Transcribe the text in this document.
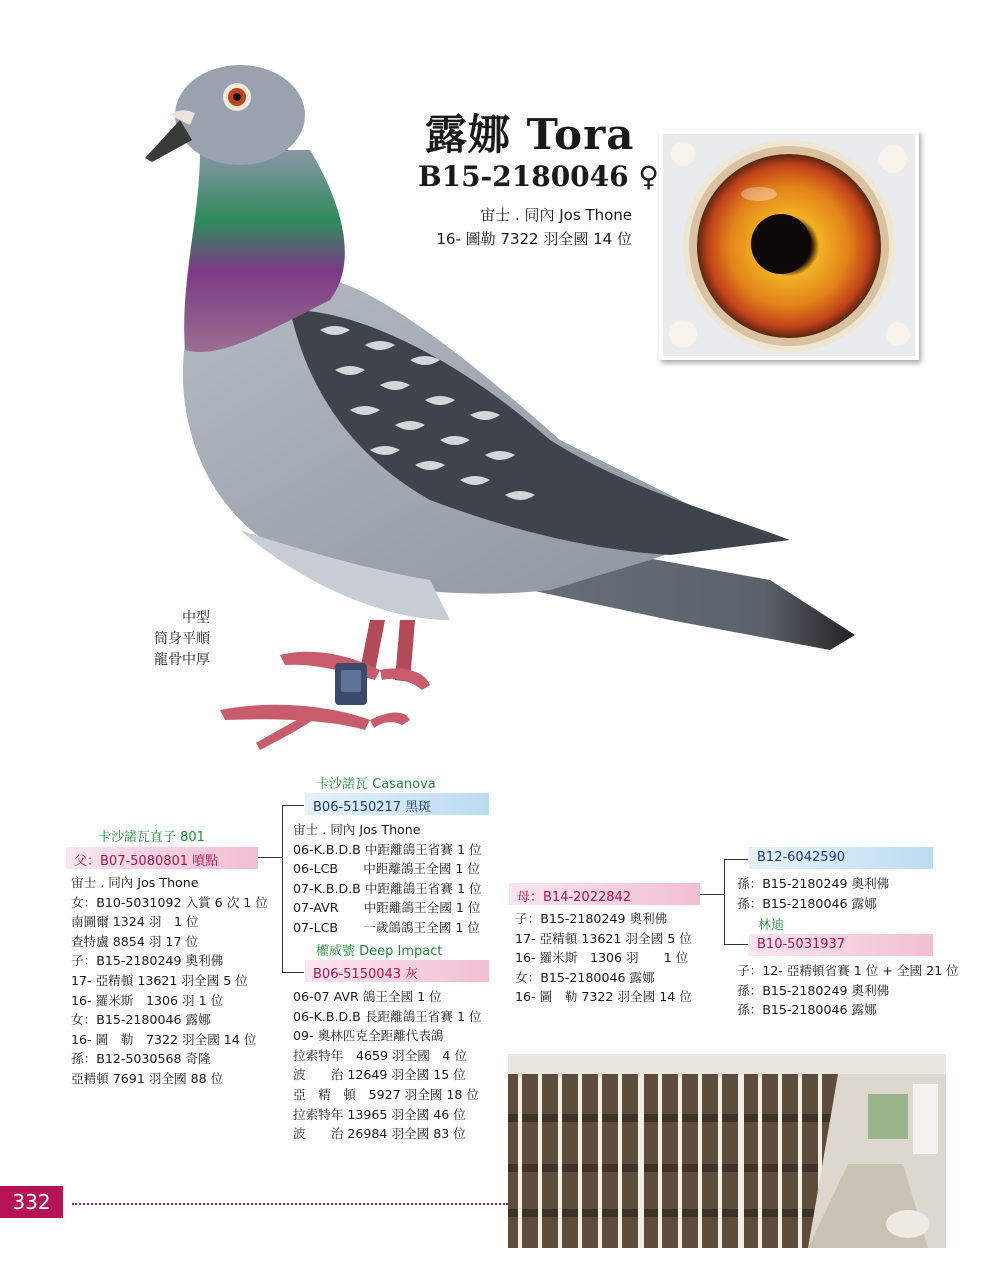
露娜 Tora
B15-2180046 ♀
宙士 . 同內 Jos Thone
16- 圖勒 7322 羽全國 14 位
中型
筒身平順
龍骨中厚
卡沙諾瓦直子 801
父：B07-5080801 噴點
宙士 . 同內 Jos Thone
女：B10-5031092 入賞 6 次 1 位
南圖爾 1324 羽　1 位
查特盧 8854 羽 17 位
子：B15-2180249 奧利佛
17- 亞精頓 13621 羽全國 5 位
16- 羅米斯　1306 羽 1 位
女：B15-2180046 露娜
16- 圖　勒　7322 羽全國 14 位
孫：B12-5030568 奇隆
亞精頓 7691 羽全國 88 位
卡沙諾瓦 Casanova
B06-5150217 黑斑
宙士 . 同內 Jos Thone
06-K.B.D.B 中距離鴿王省賽 1 位
06-LCB　　中距離鴿王全國 1 位
07-K.B.D.B 中距離鴿王省賽 1 位
07-AVR　　中距離鴿王全國 1 位
07-LCB　　一歲鴿鴿王全國 1 位
權威號 Deep Impact
B06-5150043 灰
06-07 AVR 鴿王全國 1 位
06-K.B.D.B 長距離鴿王省賽 1 位
09- 奧林匹克全距離代表鴿
拉索特年　4659 羽全國　4 位
波　　治 12649 羽全國 15 位
亞　精　頓　5927 羽全國 18 位
拉索特年 13965 羽全國 46 位
波　　治 26984 羽全國 83 位
母：B14-2022842
子：B15-2180249 奧利佛
17- 亞精頓 13621 羽全國 5 位
16- 羅米斯　1306 羽　　1 位
女：B15-2180046 露娜
16- 圖　勒 7322 羽全國 14 位
B12-6042590
孫：B15-2180249 奧利佛
孫：B15-2180046 露娜
林迪
B10-5031937
子：12- 亞精頓省賽 1 位 + 全國 21 位
孫：B15-2180249 奧利佛
孫：B15-2180046 露娜
332
